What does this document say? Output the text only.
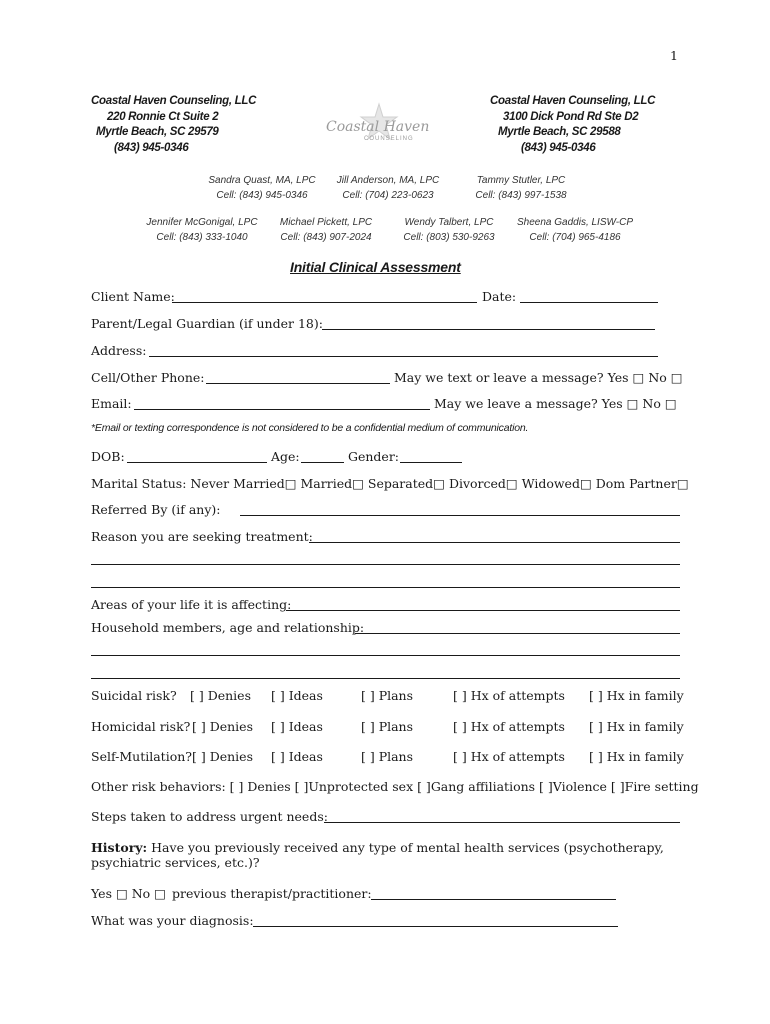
1
Coastal Haven Counseling, LLC
220 Ronnie Ct Suite 2
Myrtle Beach, SC 29579
(843) 945-0346
Coastal Haven
COUNSELING
Coastal Haven Counseling, LLC
3100 Dick Pond Rd Ste D2
Myrtle Beach, SC 29588
(843) 945-0346
Sandra Quast, MA, LPC
Cell: (843) 945-0346
Jill Anderson, MA, LPC
Cell: (704) 223-0623
Tammy Stutler, LPC
Cell: (843) 997-1538
Jennifer McGonigal, LPC
Cell: (843) 333-1040
Michael Pickett, LPC
Cell: (843) 907-2024
Wendy Talbert, LPC
Cell: (803) 530-9263
Sheena Gaddis, LISW-CP
Cell: (704) 965-4186
Initial Clinical Assessment
Client Name:	Date:
Parent/Legal Guardian (if under 18):
Address:
Cell/Other Phone:	May we text or leave a message? Yes □ No □
Email:	May we leave a message? Yes □ No □
*Email or texting correspondence is not considered to be a confidential medium of communication.
DOB:	Age:	Gender:
Marital Status: Never Married□ Married□ Separated□ Divorced□ Widowed□ Dom Partner□
Referred By (if any):
Reason you are seeking treatment:
Areas of your life it is affecting:
Household members, age and relationship:
Suicidal risk? [ ] Denies [ ] Ideas	[ ] Plans	[ ] Hx of attempts [ ] Hx in family
Homicidal risk? [ ] Denies [ ] Ideas	[ ] Plans	[ ] Hx of attempts [ ] Hx in family
Self-Mutilation? [ ] Denies [ ] Ideas	[ ] Plans	[ ] Hx of attempts [ ] Hx in family
Other risk behaviors: [ ] Denies [ ]Unprotected sex [ ]Gang affiliations [ ]Violence [ ]Fire setting
Steps taken to address urgent needs:
History: Have you previously received any type of mental health services (psychotherapy, psychiatric services, etc.)?
Yes □ No □ previous therapist/practitioner:
What was your diagnosis:
